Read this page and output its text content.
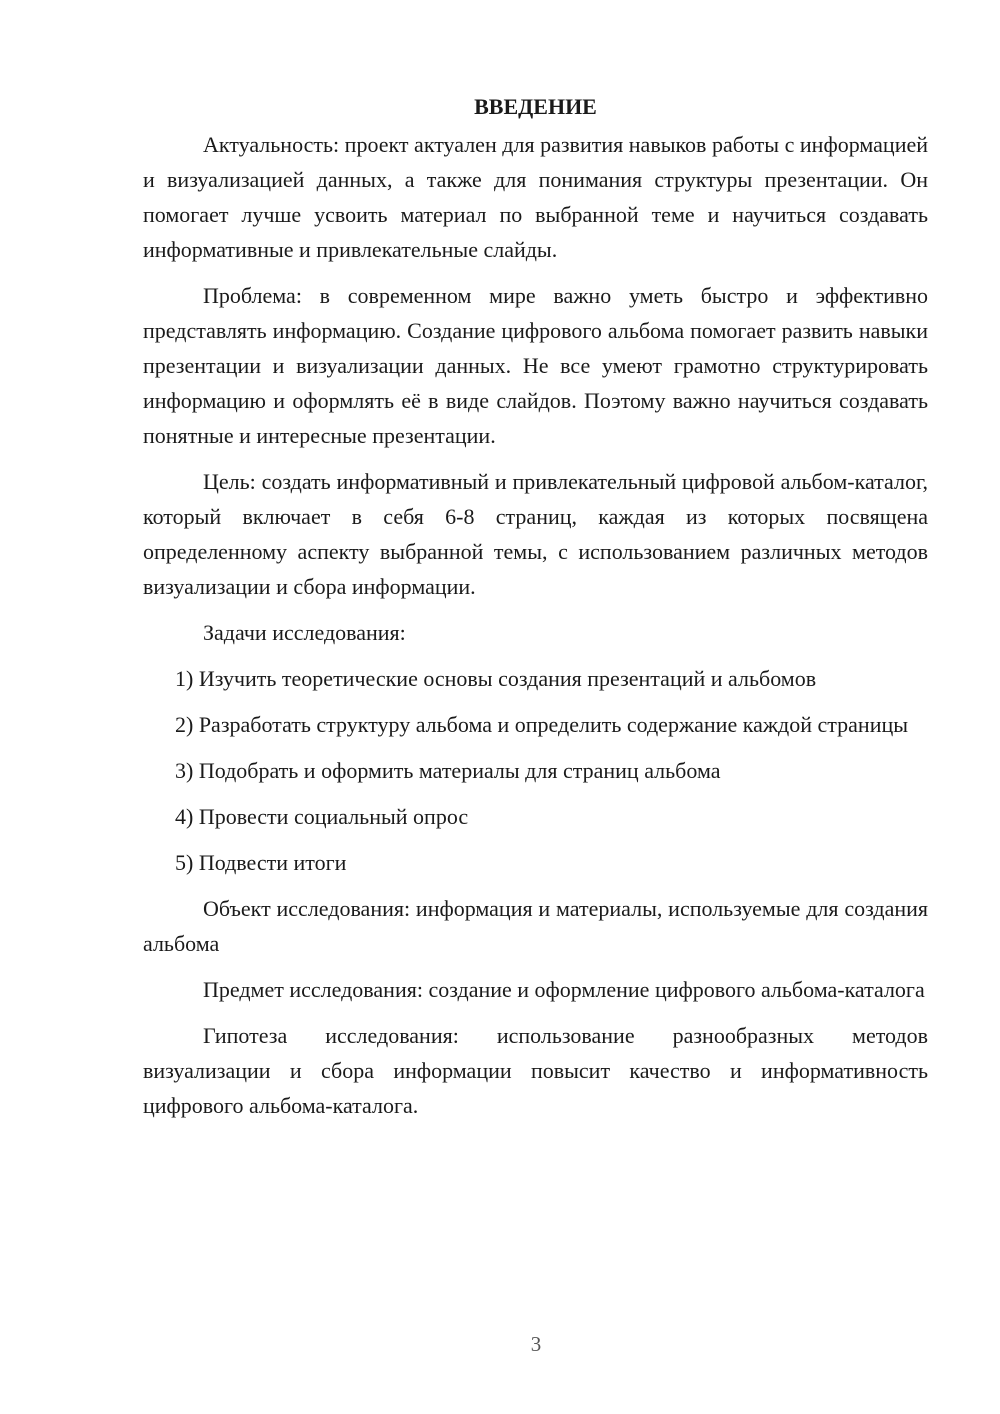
ВВЕДЕНИЕ

Актуальность: проект актуален для развития навыков работы с информацией и визуализацией данных, а также для понимания структуры презентации. Он помогает лучше усвоить материал по выбранной теме и научиться создавать информативные и привлекательные слайды.

Проблема: в современном мире важно уметь быстро и эффективно представлять информацию. Создание цифрового альбома помогает развить навыки презентации и визуализации данных. Не все умеют грамотно структурировать информацию и оформлять её в виде слайдов. Поэтому важно научиться создавать понятные и интересные презентации.

Цель: создать информативный и привлекательный цифровой альбом-каталог, который включает в себя 6-8 страниц, каждая из которых посвящена определенному аспекту выбранной темы, с использованием различных методов визуализации и сбора информации.

Задачи исследования:

1) Изучить теоретические основы создания презентаций и альбомов

2) Разработать структуру альбома и определить содержание каждой страницы

3) Подобрать и оформить материалы для страниц альбома

4) Провести социальный опрос

5) Подвести итоги

Объект исследования: информация и материалы, используемые для создания альбома

Предмет исследования: создание и оформление цифрового альбома-каталога

Гипотеза исследования: использование разнообразных методов визуализации и сбора информации повысит качество и информативность цифрового альбома-каталога.

3
